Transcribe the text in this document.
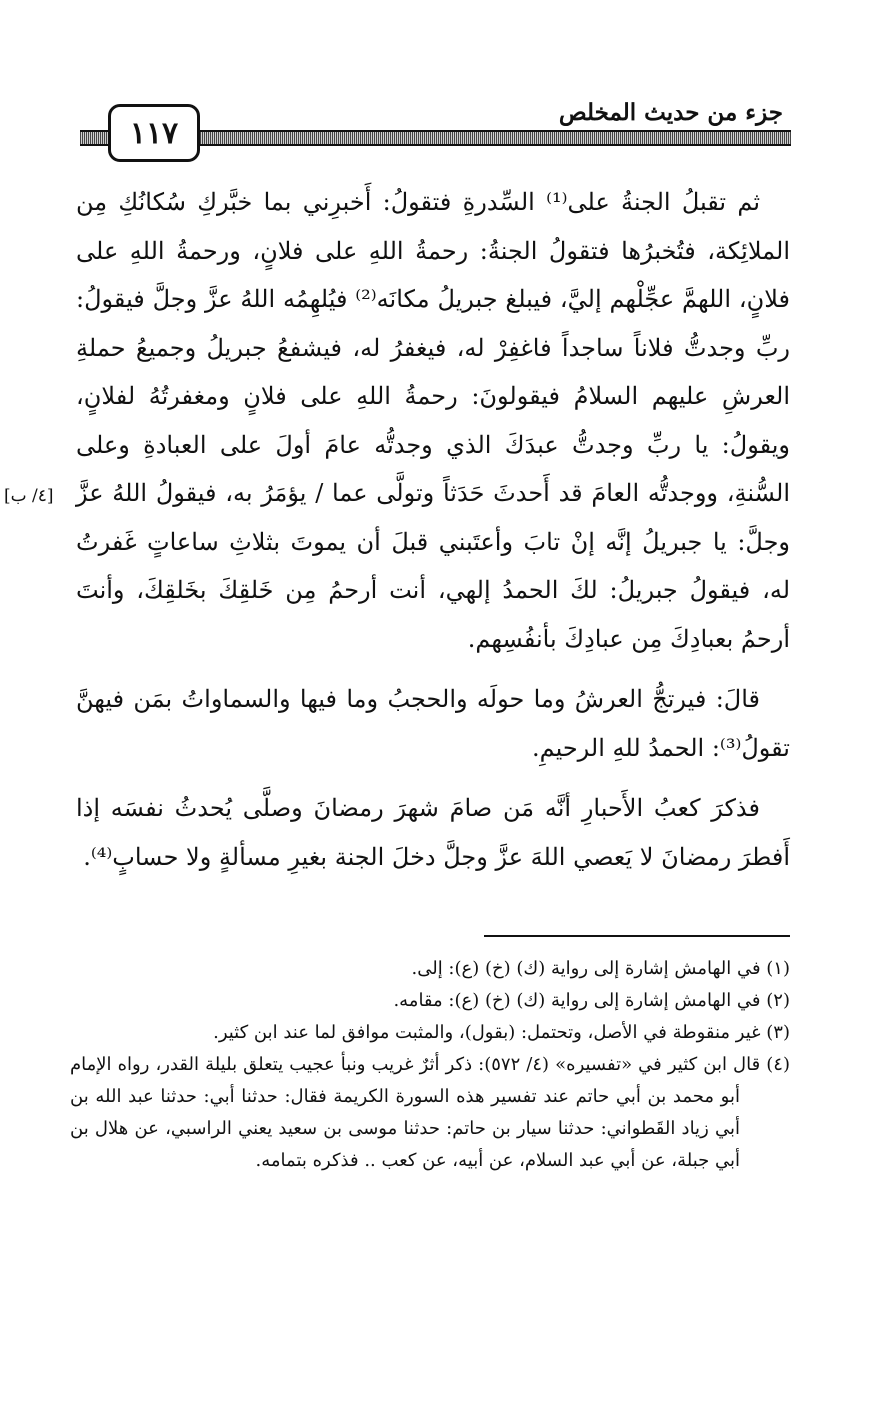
١١٧
جزء من حديث المخلص

ثم تقبلُ الجنةُ على⁽¹⁾ السِّدرةِ فتقولُ: أَخبرِني بما خبَّركِ سُكانُكِ مِن الملائِكة، فتُخبرُها فتقولُ الجنةُ: رحمةُ اللهِ على فلانٍ، ورحمةُ اللهِ على فلانٍ، اللهمَّ عجِّلْهم إليَّ، فيبلغ جبريلُ مكانَه⁽²⁾ فيُلهِمُه اللهُ عزَّ وجلَّ فيقولُ: ربِّ وجدتُّ فلاناً ساجداً فاغفِرْ له، فيغفرُ له، فيشفعُ جبريلُ وجميعُ حملةِ العرشِ عليهم السلامُ فيقولونَ: رحمةُ اللهِ على فلانٍ ومغفرتُهُ لفلانٍ، ويقولُ: يا ربِّ وجدتُّ عبدَكَ الذي وجدتُّه عامَ أولَ على العبادةِ وعلى السُّنةِ، ووجدتُّه العامَ قد أَحدثَ حَدَثاً وتولَّى عما / يؤمَرُ به، فيقولُ اللهُ عزَّ وجلَّ: يا جبريلُ إنَّه إنْ تابَ وأعتَبني قبلَ أن يموتَ بثلاثِ ساعاتٍ غَفرتُ له، فيقولُ جبريلُ: لكَ الحمدُ إلهي، أنت أرحمُ مِن خَلقِكَ بخَلقِكَ، وأنتَ أرحمُ بعبادِكَ مِن عبادِكَ بأنفُسِهم.

قالَ: فيرتجُّ العرشُ وما حولَه والحجبُ وما فيها والسماواتُ بمَن فيهنَّ تقولُ⁽³⁾: الحمدُ للهِ الرحيمِ.

فذكرَ كعبُ الأَحبارِ أنَّه مَن صامَ شهرَ رمضانَ وصلَّى يُحدثُ نفسَه إذا أَفطرَ رمضانَ لا يَعصي اللهَ عزَّ وجلَّ دخلَ الجنة بغيرِ مسألةٍ ولا حسابٍ⁽⁴⁾.

[٤/ ب]

(١) في الهامش إشارة إلى رواية (ك) (خ) (ع): إلى.

(٢) في الهامش إشارة إلى رواية (ك) (خ) (ع): مقامه.

(٣) غير منقوطة في الأصل، وتحتمل: (بقول)، والمثبت موافق لما عند ابن كثير.

(٤) قال ابن كثير في «تفسيره» (٤/ ٥٧٢): ذكر أثرٌ غريب ونبأ عجيب يتعلق بليلة القدر، رواه الإمام أبو محمد بن أبي حاتم عند تفسير هذه السورة الكريمة فقال: حدثنا أبي: حدثنا عبد الله بن أبي زياد القَطواني: حدثنا سيار بن حاتم: حدثنا موسى بن سعيد يعني الراسبي، عن هلال بن أبي جبلة، عن أبي عبد السلام، عن أبيه، عن كعب .. فذكره بتمامه.
